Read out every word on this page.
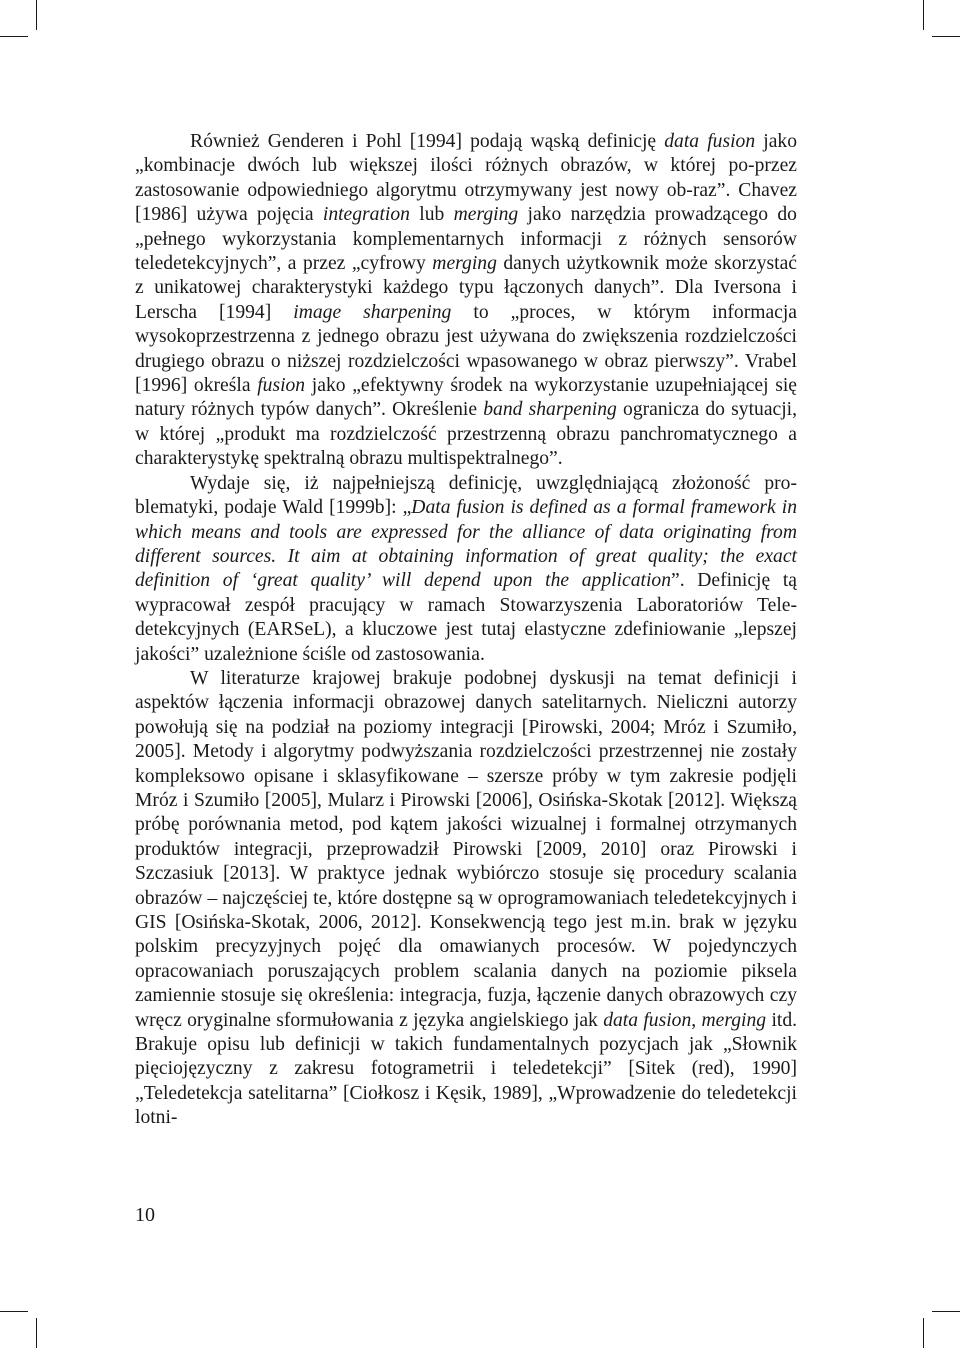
Również Genderen i Pohl [1994] podają wąską definicję data fusion jako „kombinacje dwóch lub większej ilości różnych obrazów, w której po-przez zastosowanie odpowiedniego algorytmu otrzymywany jest nowy ob-raz”. Chavez [1986] używa pojęcia integration lub merging jako narzędzia prowadzącego do „pełnego wykorzystania komplementarnych informacji z różnych sensorów teledetekcyjnych”, a przez „cyfrowy merging danych użytkownik może skorzystać z unikatowej charakterystyki każdego typu łączonych danych”. Dla Iversona i Lerscha [1994] image sharpening to „proces, w którym informacja wysokoprzestrzenna z jednego obrazu jest używana do zwiększenia rozdzielczości drugiego obrazu o niższej rozdzielczości wpasowanego w obraz pierwszy”. Vrabel [1996] określa fusion jako „efektywny środek na wykorzystanie uzupełniającej się natury różnych typów danych”. Określenie band sharpening ogranicza do sytuacji, w której „produkt ma rozdzielczość przestrzenną obrazu panchromatycznego a charakterystykę spektralną obrazu multispektralnego”.

Wydaje się, iż najpełniejszą definicję, uwzględniającą złożoność problematyki, podaje Wald [1999b]: „Data fusion is defined as a formal framework in which means and tools are expressed for the alliance of data originating from different sources. It aim at obtaining information of great quality; the exact definition of ‘great quality’ will depend upon the application”. Definicję tą wypracował zespół pracujący w ramach Stowarzyszenia Laboratoriów Teledetekcyjnych (EARSeL), a kluczowe jest tutaj elastyczne zdefiniowanie „lepszej jakości” uzależnione ściśle od zastosowania.

W literaturze krajowej brakuje podobnej dyskusji na temat definicji i aspektów łączenia informacji obrazowej danych satelitarnych. Nieliczni autorzy powołują się na podział na poziomy integracji [Pirowski, 2004; Mróz i Szumiło, 2005]. Metody i algorytmy podwyższania rozdzielczości przestrzennej nie zostały kompleksowo opisane i sklasyfikowane – szersze próby w tym zakresie podjęli Mróz i Szumiło [2005], Mularz i Pirowski [2006], Osińska-Skotak [2012]. Większą próbę porównania metod, pod kątem jakości wizualnej i formalnej otrzymanych produktów integracji, przeprowadził Pirowski [2009, 2010] oraz Pirowski i Szczasiuk [2013]. W praktyce jednak wybiórczo stosuje się procedury scalania obrazów – najczęściej te, które dostępne są w oprogramowaniach teledetekcyjnych i GIS [Osińska-Skotak, 2006, 2012]. Konsekwencją tego jest m.in. brak w języku polskim precyzyjnych pojęć dla omawianych procesów. W pojedynczych opracowaniach poruszających problem scalania danych na poziomie piksela zamiennie stosuje się określenia: integracja, fuzja, łączenie danych obrazowych czy wręcz oryginalne sformułowania z języka angielskiego jak data fusion, merging itd. Brakuje opisu lub definicji w takich fundamentalnych pozycjach jak „Słownik pięciojęzyczny z zakresu fotogrametrii i teledetekcji” [Sitek (red), 1990] „Teledetekcja satelitarna” [Ciołkosz i Kęsik, 1989], „Wprowadzenie do teledetekcji lotni-

10
